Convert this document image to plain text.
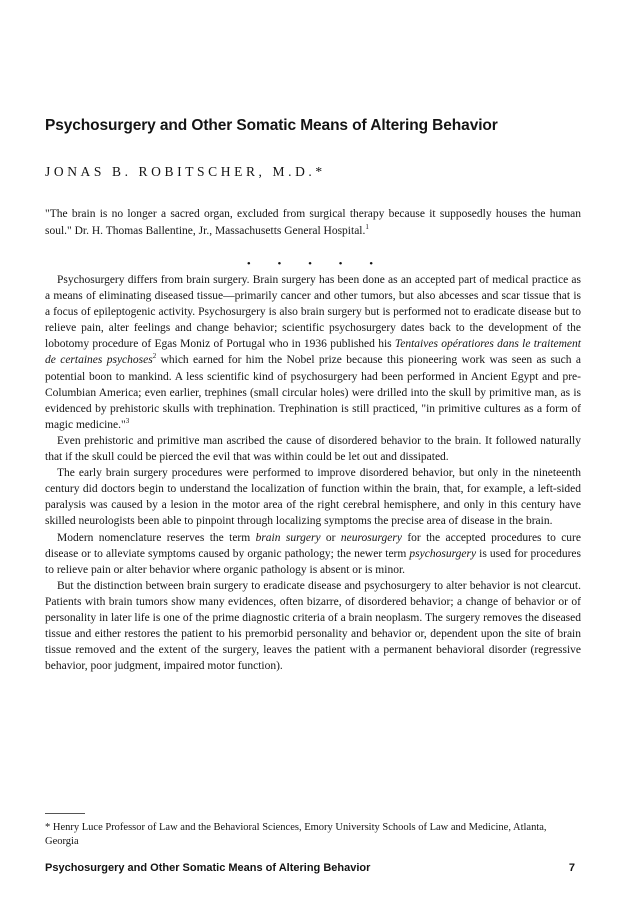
Psychosurgery and Other Somatic Means of Altering Behavior
JONAS B. ROBITSCHER, M.D.*
"The brain is no longer a sacred organ, excluded from surgical therapy because it supposedly houses the human soul." Dr. H. Thomas Ballentine, Jr., Massachusetts General Hospital.$^1$
• • • • •

Psychosurgery differs from brain surgery. Brain surgery has been done as an accepted part of medical practice as a means of eliminating diseased tissue—primarily cancer and other tumors, but also abcesses and scar tissue that is a focus of epileptogenic activity. Psychosurgery is also brain surgery but is performed not to eradicate disease but to relieve pain, alter feelings and change behavior; scientific psychosurgery dates back to the development of the lobotomy procedure of Egas Moniz of Portugal who in 1936 published his Tentaives opératiores dans le traitement de certaines psychoses$^2$ which earned for him the Nobel prize because this pioneering work was seen as such a potential boon to mankind. A less scientific kind of psychosurgery had been performed in Ancient Egypt and pre-Columbian America; even earlier, trephines (small circular holes) were drilled into the skull by primitive man, as is evidenced by prehistoric skulls with trephination. Trephination is still practiced, "in primitive cultures as a form of magic medicine."$^3$

Even prehistoric and primitive man ascribed the cause of disordered behavior to the brain. It followed naturally that if the skull could be pierced the evil that was within could be let out and dissipated.

The early brain surgery procedures were performed to improve disordered behavior, but only in the nineteenth century did doctors begin to understand the localization of function within the brain, that, for example, a left-sided paralysis was caused by a lesion in the motor area of the right cerebral hemisphere, and only in this century have skilled neurologists been able to pinpoint through localizing symptoms the precise area of disease in the brain.

Modern nomenclature reserves the term brain surgery or neurosurgery for the accepted procedures to cure disease or to alleviate symptoms caused by organic pathology; the newer term psychosurgery is used for procedures to relieve pain or alter behavior where organic pathology is absent or is minor.

But the distinction between brain surgery to eradicate disease and psychosurgery to alter behavior is not clearcut. Patients with brain tumors show many evidences, often bizarre, of disordered behavior; a change of behavior or of personality in later life is one of the prime diagnostic criteria of a brain neoplasm. The surgery removes the diseased tissue and either restores the patient to his premorbid personality and behavior or, dependent upon the site of brain tissue removed and the extent of the surgery, leaves the patient with a permanent behavioral disorder (regressive behavior, poor judgment, impaired motor function).

* Henry Luce Professor of Law and the Behavioral Sciences, Emory University Schools of Law and Medicine, Atlanta, Georgia
Psychosurgery and Other Somatic Means of Altering Behavior	7
